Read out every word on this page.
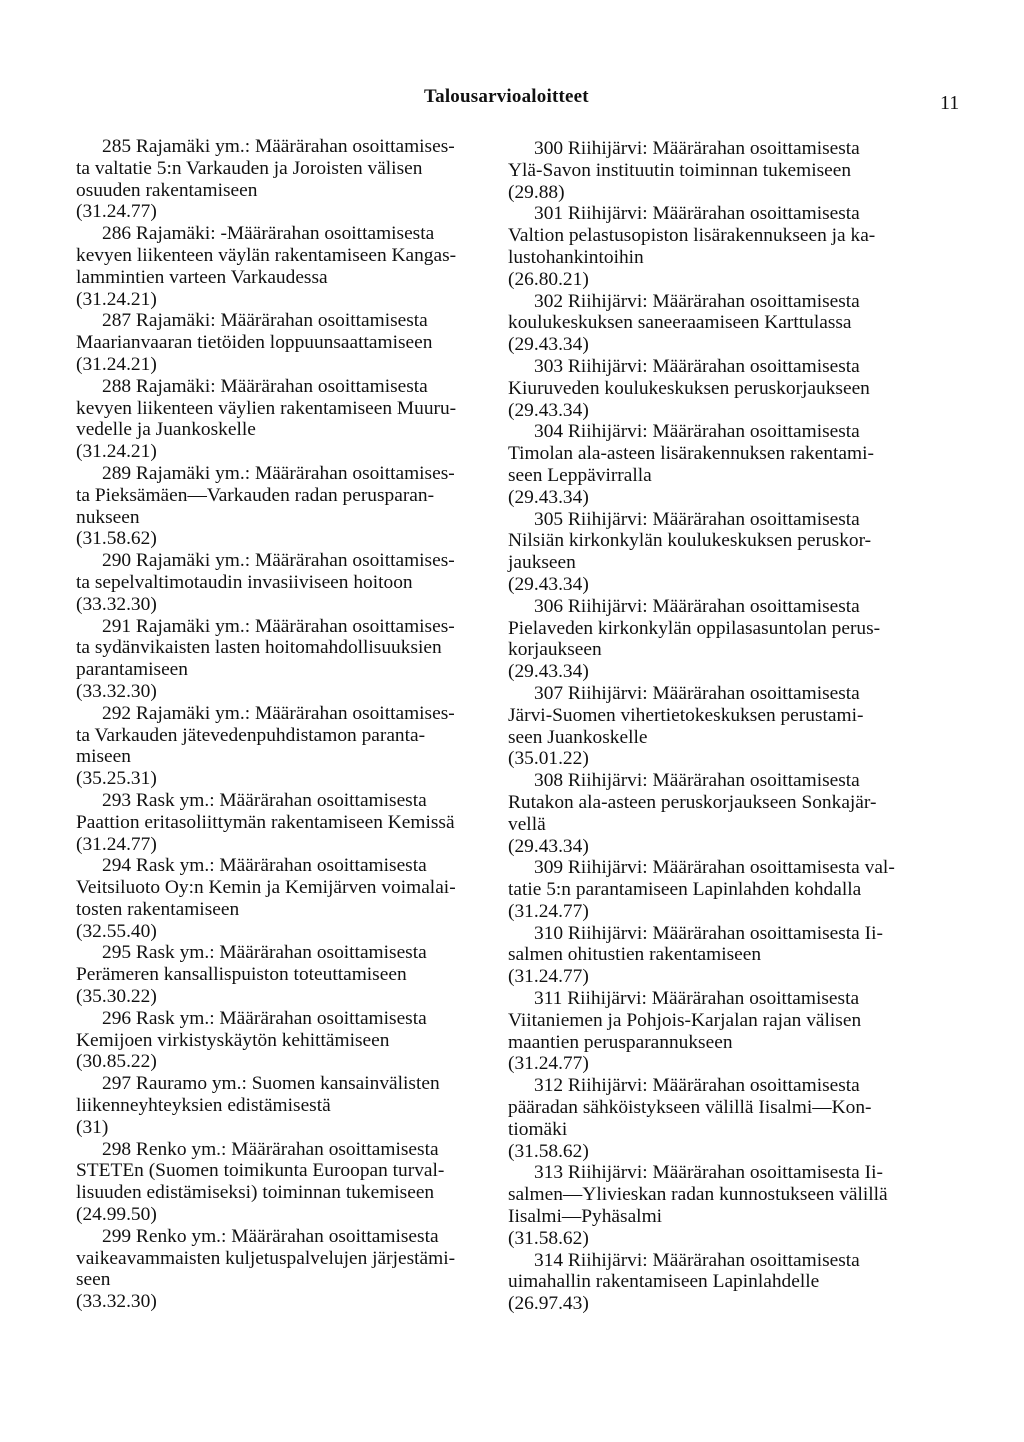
Talousarvioaloitteet	11

285 Rajamäki ym.: Määrärahan osoittamises-
ta valtatie 5:n Varkauden ja Joroisten välisen
osuuden rakentamiseen
(31.24.77)

286 Rajamäki: -Määrärahan osoittamisesta
kevyen liikenteen väylän rakentamiseen Kangas-
lammintien varteen Varkaudessa
(31.24.21)

287 Rajamäki: Määrärahan osoittamisesta
Maarianvaaran tietöiden loppuunsaattamiseen
(31.24.21)

288 Rajamäki: Määrärahan osoittamisesta
kevyen liikenteen väylien rakentamiseen Muuru-
vedelle ja Juankoskelle
(31.24.21)

289 Rajamäki ym.: Määrärahan osoittamises-
ta Pieksämäen—Varkauden radan perusparan-
nukseen
(31.58.62)

290 Rajamäki ym.: Määrärahan osoittamises-
ta sepelvaltimotaudin invasiiviseen hoitoon
(33.32.30)

291 Rajamäki ym.: Määrärahan osoittamises-
ta sydänvikaisten lasten hoitomahdollisuuksien
parantamiseen
(33.32.30)

292 Rajamäki ym.: Määrärahan osoittamises-
ta Varkauden jätevedenpuhdistamon paranta-
miseen
(35.25.31)

293 Rask ym.: Määrärahan osoittamisesta
Paattion eritasoliittymän rakentamiseen Kemissä
(31.24.77)

294 Rask ym.: Määrärahan osoittamisesta
Veitsiluoto Oy:n Kemin ja Kemijärven voimalai-
tosten rakentamiseen
(32.55.40)

295 Rask ym.: Määrärahan osoittamisesta
Perämeren kansallispuiston toteuttamiseen
(35.30.22)

296 Rask ym.: Määrärahan osoittamisesta
Kemijoen virkistyskäytön kehittämiseen
(30.85.22)

297 Rauramo ym.: Suomen kansainvälisten
liikenneyhteyksien edistämisestä
(31)

298 Renko ym.: Määrärahan osoittamisesta
STETEn (Suomen toimikunta Euroopan turval-
lisuuden edistämiseksi) toiminnan tukemiseen
(24.99.50)

299 Renko ym.: Määrärahan osoittamisesta
vaikeavammaisten kuljetuspalvelujen järjestämi-
seen
(33.32.30)

300 Riihijärvi: Määrärahan osoittamisesta
Ylä-Savon instituutin toiminnan tukemiseen
(29.88)

301 Riihijärvi: Määrärahan osoittamisesta
Valtion pelastusopiston lisärakennukseen ja ka-
lustohankintoihin
(26.80.21)

302 Riihijärvi: Määrärahan osoittamisesta
koulukeskuksen saneeraamiseen Karttulassa
(29.43.34)

303 Riihijärvi: Määrärahan osoittamisesta
Kiuruveden koulukeskuksen peruskorjaukseen
(29.43.34)

304 Riihijärvi: Määrärahan osoittamisesta
Timolan ala-asteen lisärakennuksen rakentami-
seen Leppävirralla
(29.43.34)

305 Riihijärvi: Määrärahan osoittamisesta
Nilsiän kirkonkylän koulukeskuksen peruskor-
jaukseen
(29.43.34)

306 Riihijärvi: Määrärahan osoittamisesta
Pielaveden kirkonkylän oppilasasuntolan perus-
korjaukseen
(29.43.34)

307 Riihijärvi: Määrärahan osoittamisesta
Järvi-Suomen vihertietokeskuksen perustami-
seen Juankoskelle
(35.01.22)

308 Riihijärvi: Määrärahan osoittamisesta
Rutakon ala-asteen peruskorjaukseen Sonkajär-
vellä
(29.43.34)

309 Riihijärvi: Määrärahan osoittamisesta val-
tatie 5:n parantamiseen Lapinlahden kohdalla
(31.24.77)

310 Riihijärvi: Määrärahan osoittamisesta Ii-
salmen ohitustien rakentamiseen
(31.24.77)

311 Riihijärvi: Määrärahan osoittamisesta
Viitaniemen ja Pohjois-Karjalan rajan välisen
maantien perusparannukseen
(31.24.77)

312 Riihijärvi: Määrärahan osoittamisesta
pääradan sähköistykseen välillä Iisalmi—Kon-
tiomäki
(31.58.62)

313 Riihijärvi: Määrärahan osoittamisesta Ii-
salmen—Ylivieskan radan kunnostukseen välillä
Iisalmi—Pyhäsalmi
(31.58.62)

314 Riihijärvi: Määrärahan osoittamisesta
uimahallin rakentamiseen Lapinlahdelle
(26.97.43)
